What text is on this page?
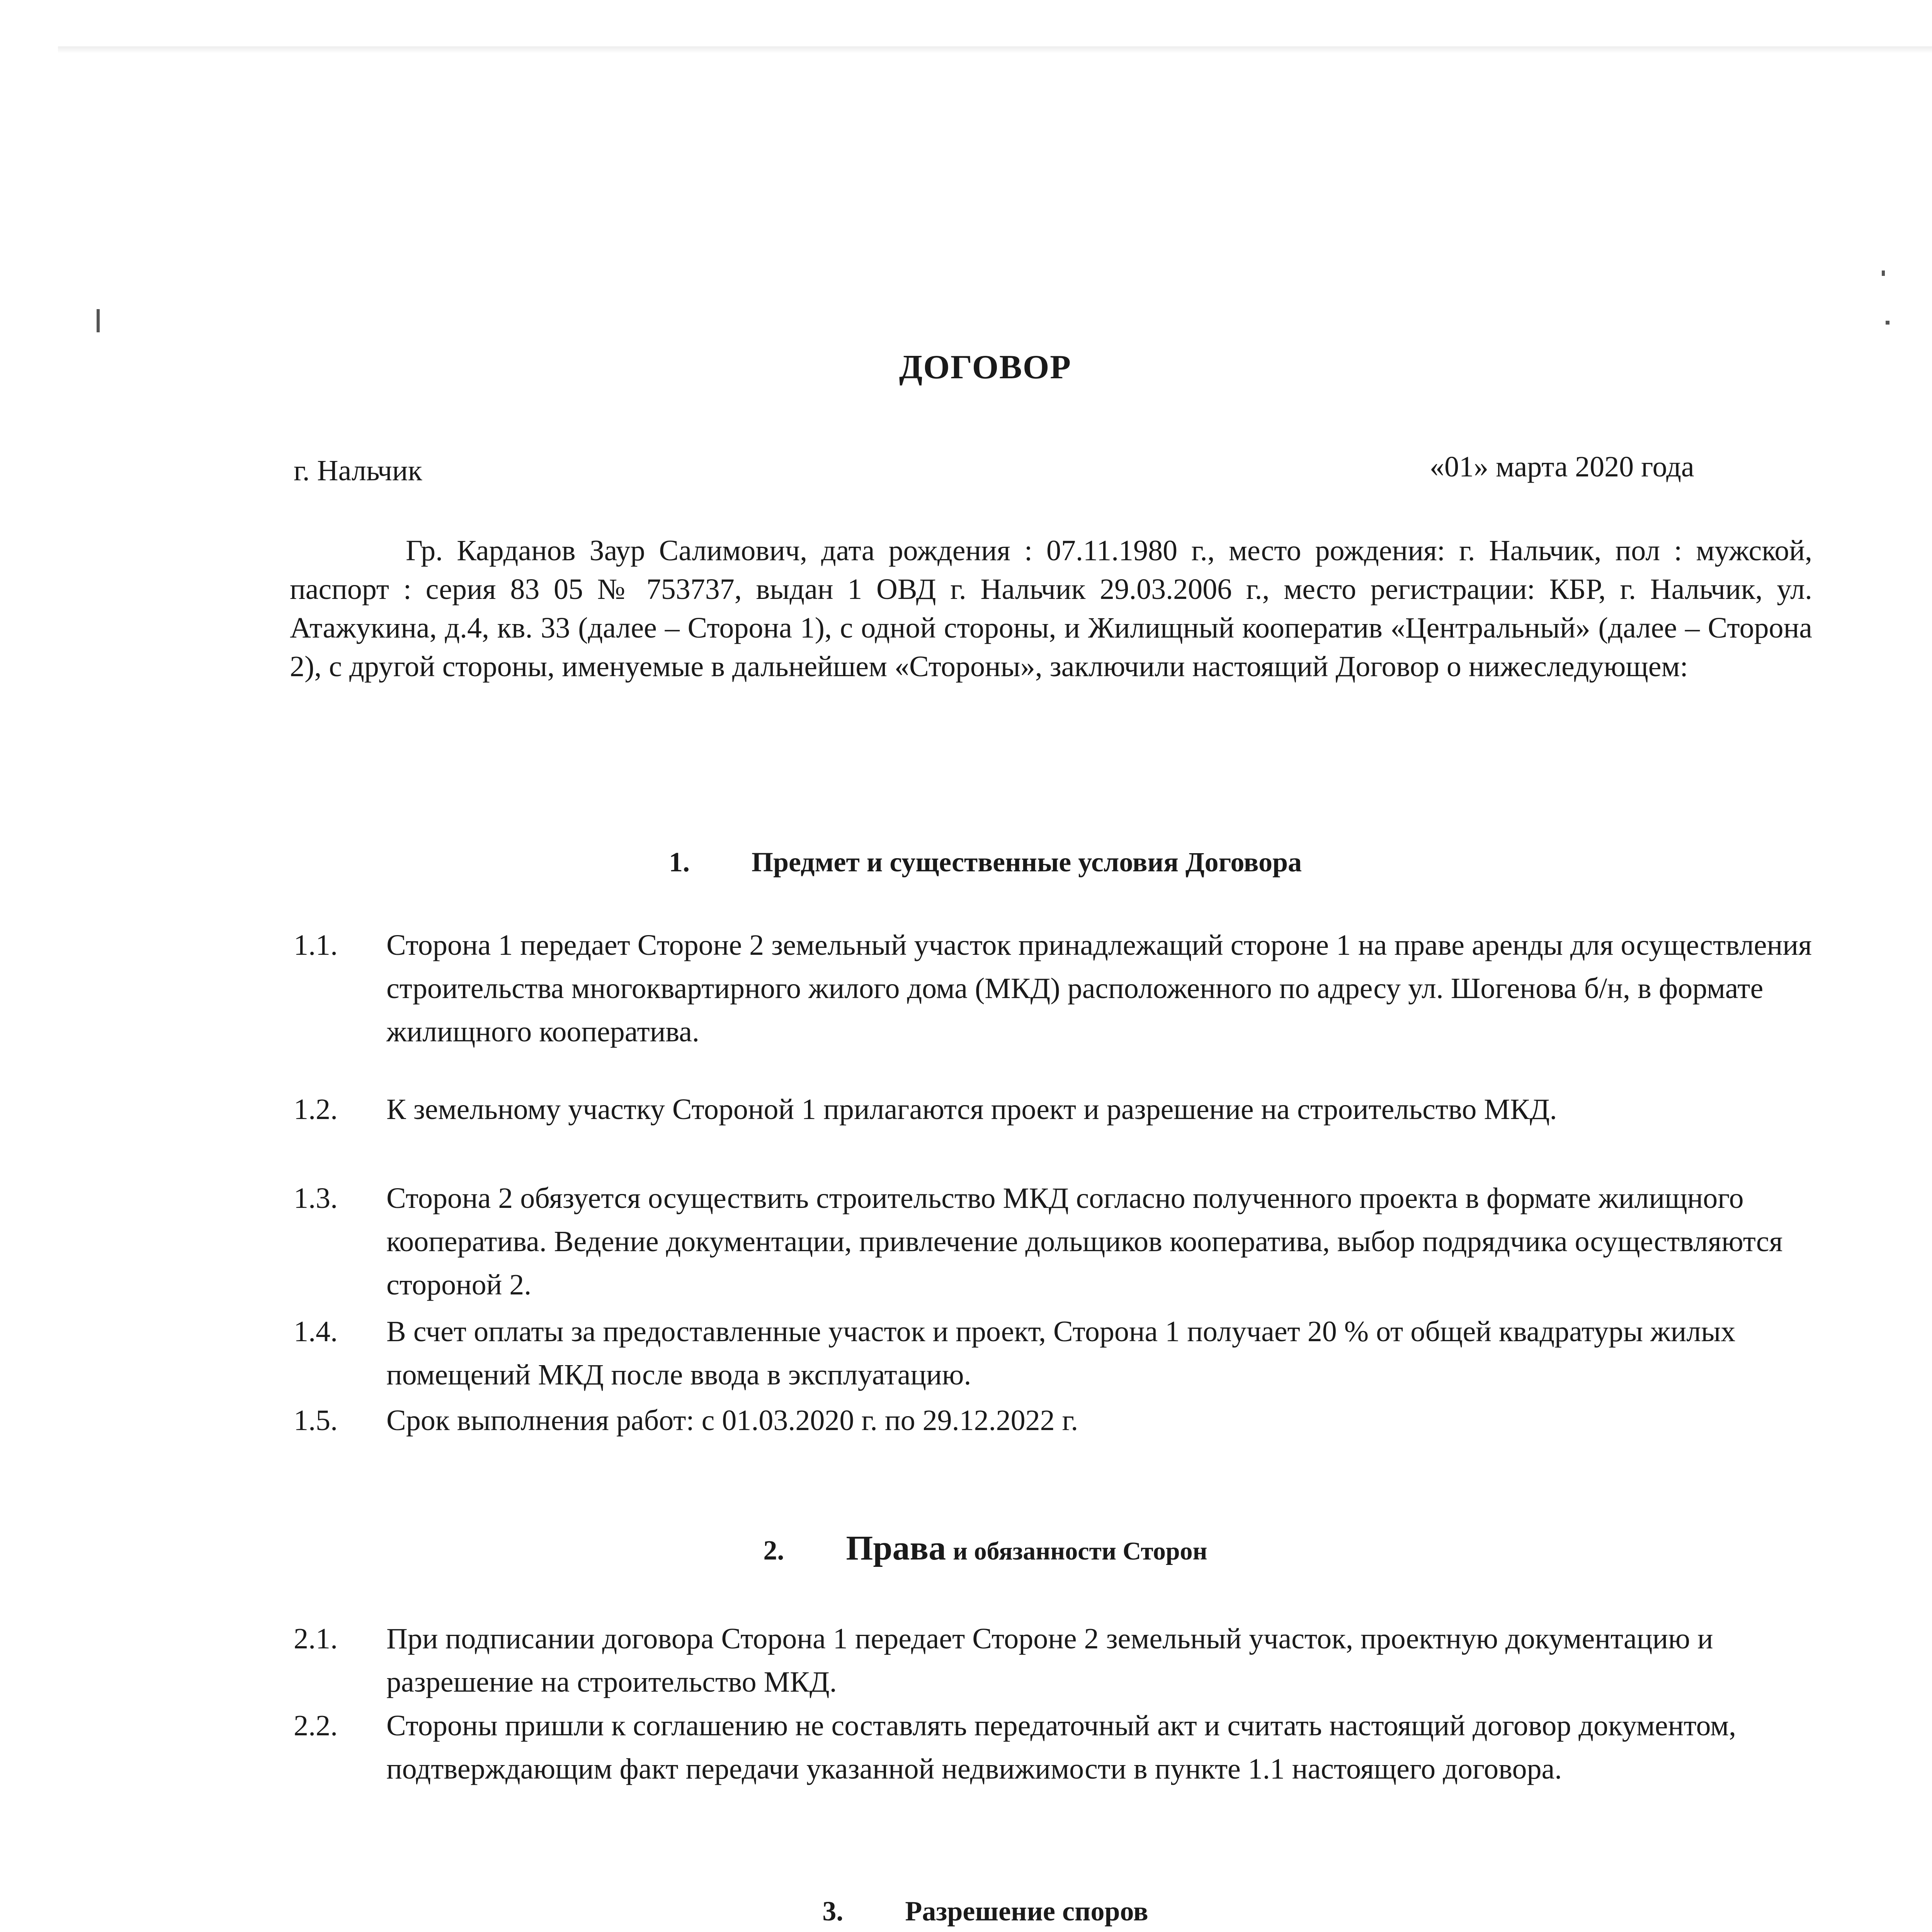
ДОГОВОР
г. Нальчик	«01» марта 2020 года

Гр. Карданов Заур Салимович, дата рождения : 07.11.1980 г., место рождения: г. Нальчик, пол : мужской, паспорт : серия 83 05 № 753737, выдан 1 ОВД г. Нальчик 29.03.2006 г., место регистрации: КБР, г. Нальчик, ул. Атажукина, д.4, кв. 33 (далее – Сторона 1), с одной стороны, и Жилищный кооператив «Центральный» (далее – Сторона 2), с другой стороны, именуемые в дальнейшем «Стороны», заключили настоящий Договор о нижеследующем:

1. Предмет и существенные условия Договора
1.1. Сторона 1 передает Стороне 2 земельный участок принадлежащий стороне 1 на праве аренды для осуществления строительства многоквартирного жилого дома (МКД) расположенного по адресу ул. Шогенова б/н, в формате жилищного кооператива.
1.2. К земельному участку Стороной 1 прилагаются проект и разрешение на строительство МКД.
1.3. Сторона 2 обязуется осуществить строительство МКД согласно полученного проекта в формате жилищного кооператива. Ведение документации, привлечение дольщиков кооператива, выбор подрядчика осуществляются стороной 2.
1.4. В счет оплаты за предоставленные участок и проект, Сторона 1 получает 20 % от общей квадратуры жилых помещений МКД после ввода в эксплуатацию.
1.5. Срок выполнения работ: с 01.03.2020 г. по 29.12.2022 г.
2. Права и обязанности Сторон
2.1. При подписании договора Сторона 1 передает Стороне 2 земельный участок, проектную документацию и разрешение на строительство МКД.
2.2. Стороны пришли к соглашению не составлять передаточный акт и считать настоящий договор документом, подтверждающим факт передачи указанной недвижимости в пункте 1.1 настоящего договора.
3. Разрешение споров
